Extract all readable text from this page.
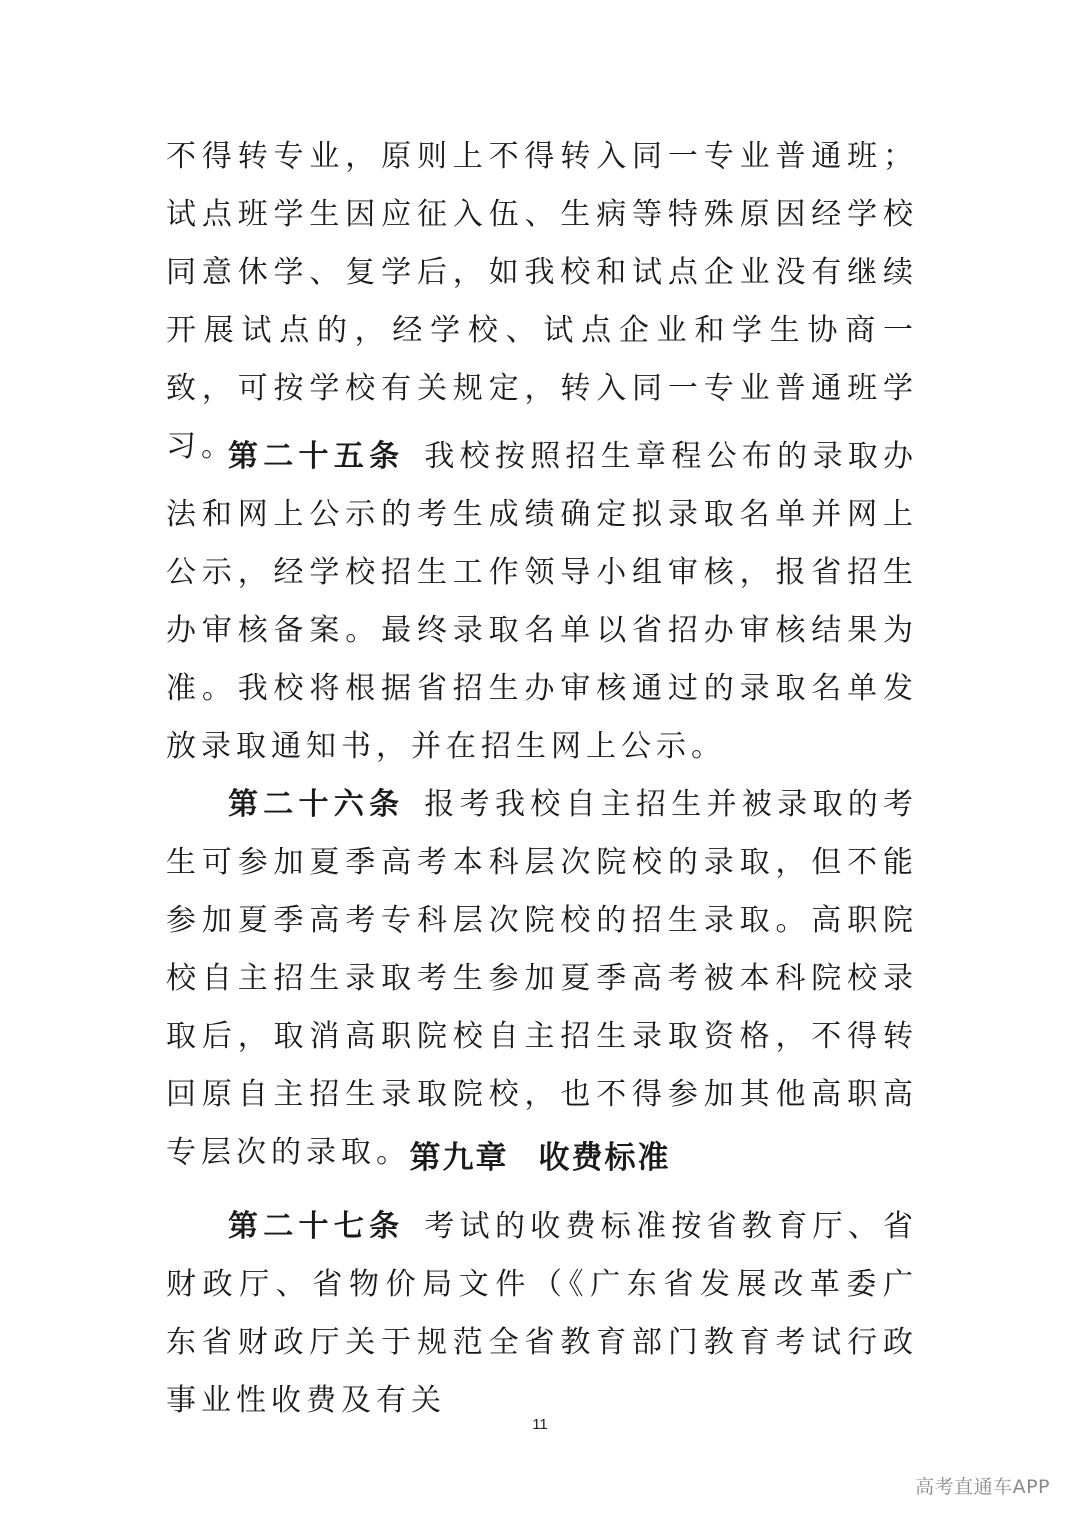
不得转专业，原则上不得转入同一专业普通班；试点班学生因应征入伍、生病等特殊原因经学校同意休学、复学后，如我校和试点企业没有继续开展试点的，经学校、试点企业和学生协商一致，可按学校有关规定，转入同一专业普通班学习。

第二十五条 我校按照招生章程公布的录取办法和网上公示的考生成绩确定拟录取名单并网上公示，经学校招生工作领导小组审核，报省招生办审核备案。最终录取名单以省招办审核结果为准。我校将根据省招生办审核通过的录取名单发放录取通知书，并在招生网上公示。

第二十六条 报考我校自主招生并被录取的考生可参加夏季高考本科层次院校的录取，但不能参加夏季高考专科层次院校的招生录取。高职院校自主招生录取考生参加夏季高考被本科院校录取后，取消高职院校自主招生录取资格，不得转回原自主招生录取院校，也不得参加其他高职高专层次的录取。

第九章 收费标准

第二十七条 考试的收费标准按省教育厅、省财政厅、省物价局文件（《广东省发展改革委广东省财政厅关于规范全省教育部门教育考试行政事业性收费及有关

11
高考直通车APP
